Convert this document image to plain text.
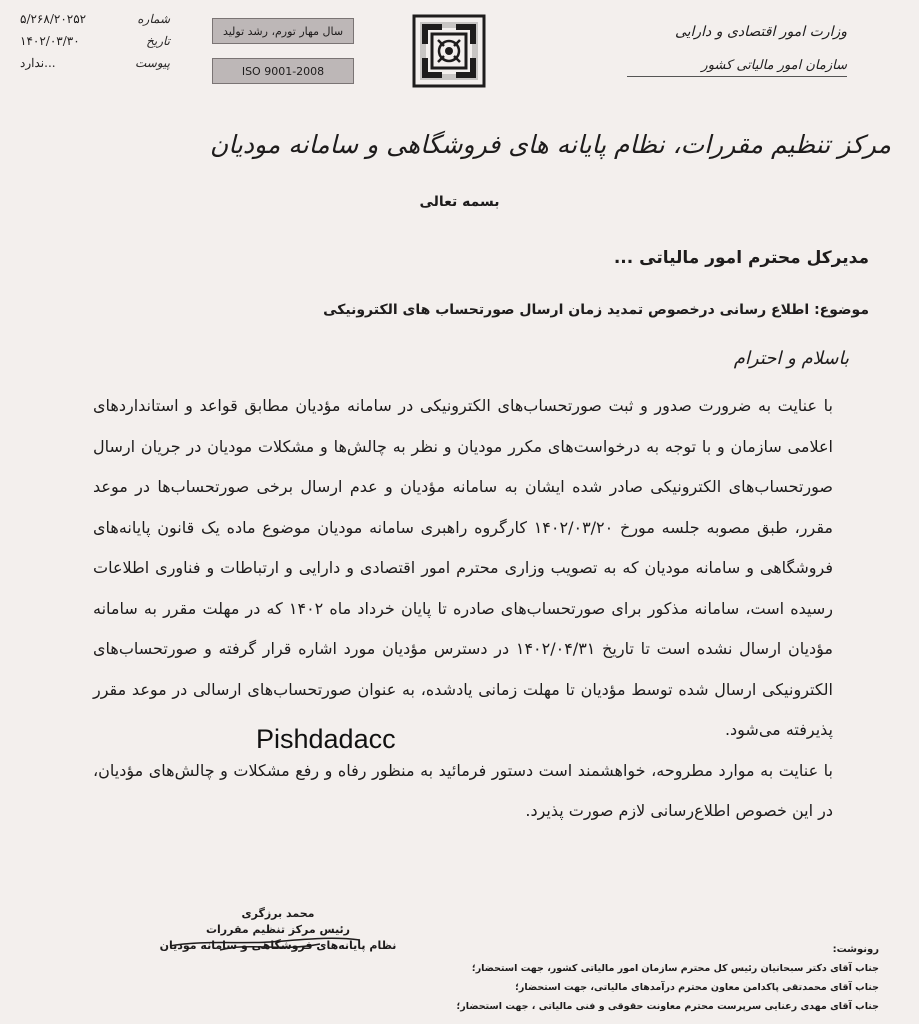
شماره
۵/۲۶۸/۲۰۲۵۲
تاریخ
۱۴۰۲/۰۳/۳۰
پیوست
ندارد...
سال مهار تورم، رشد تولید
ISO 9001-2008
وزارت امور اقتصادی و دارایی
سازمان امور مالیاتی کشور
مرکز تنظیم مقررات، نظام پایانه های فروشگاهی و سامانه مودیان
بسمه تعالی
مدیرکل محترم امور مالیاتی ...
موضوع: اطلاع رسانی درخصوص تمدید زمان ارسال صورتحساب های الکترونیکی
باسلام و احترام

با عنایت به ضرورت صدور و ثبت صورتحساب‌های الکترونیکی در سامانه مؤدیان مطابق قواعد و استانداردهای اعلامی سازمان و با توجه به درخواست‌های مکرر مودیان و نظر به چالش‌ها و مشکلات مودیان در جریان ارسال صورتحساب‌های الکترونیکی صادر شده ایشان به سامانه مؤدیان و عدم ارسال برخی صورتحساب‌ها در موعد مقرر، طبق مصوبه جلسه مورخ ۱۴۰۲/۰۳/۲۰ کارگروه راهبری سامانه مودیان موضوع ماده یک قانون پایانه‌های فروشگاهی و سامانه مودیان که به تصویب وزاری محترم امور اقتصادی و دارایی و ارتباطات و فناوری اطلاعات رسیده است، سامانه مذکور برای صورتحساب‌های صادره تا پایان خرداد ماه ۱۴۰۲ که در مهلت مقرر به سامانه مؤدیان ارسال نشده است تا تاریخ ۱۴۰۲/۰۴/۳۱ در دسترس مؤدیان مورد اشاره قرار گرفته و صورتحساب‌های الکترونیکی ارسال شده توسط مؤدیان تا مهلت زمانی یادشده، به عنوان صورتحساب‌های ارسالی در موعد مقرر پذیرفته می‌شود.

با عنایت به موارد مطروحه، خواهشمند است دستور فرمائید به منظور رفاه و رفع مشکلات و چالش‌های مؤدیان، در این خصوص اطلاع‌رسانی لازم صورت پذیرد.

Pishdadacc
محمد برزگری
رئیس مرکز تنظیم مقررات
نظام پایانه‌های فروشگاهی و سامانه مودیان	رونوشت:
جناب آقای دکتر سبحانیان رئیس کل محترم سازمان امور مالیاتی کشور، جهت استحضار؛
جناب آقای محمدتقی پاکدامن معاون محترم درآمدهای مالیاتی، جهت استحضار؛
جناب آقای مهدی رعنایی سرپرست محترم معاونت حقوقی و فنی مالیاتی ، جهت استحضار؛
